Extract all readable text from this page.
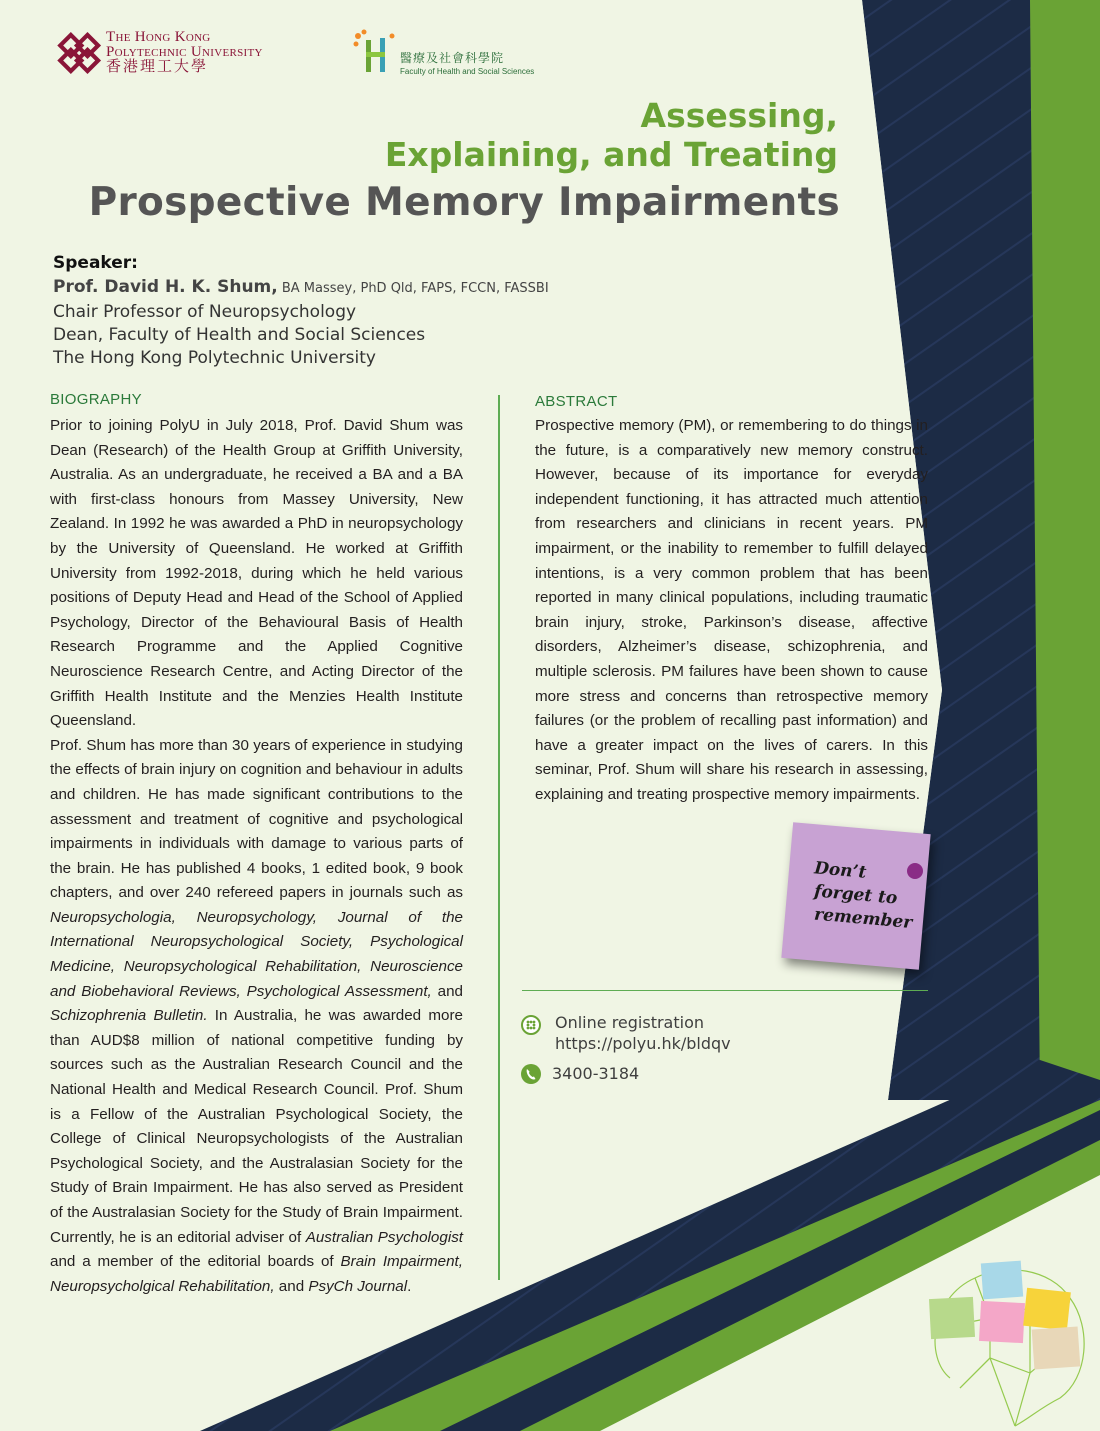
The Hong Kong
Polytechnic University
香港理工大學
醫療及社會科學院
Faculty of Health and Social Sciences
Assessing,
Explaining, and Treating
Prospective Memory Impairments
Speaker:
Prof. David H. K. Shum, BA Massey, PhD Qld, FAPS, FCCN, FASSBI
Chair Professor of Neuropsychology
Dean, Faculty of Health and Social Sciences
The Hong Kong Polytechnic University
BIOGRAPHY

Prior to joining PolyU in July 2018, Prof. David Shum was Dean (Research) of the Health Group at Griffith University, Australia. As an undergraduate, he received a BA and a BA with first-class honours from Massey University, New Zealand. In 1992 he was awarded a PhD in neuropsychology by the University of Queensland. He worked at Griffith University from 1992-2018, during which he held various positions of Deputy Head and Head of the School of Applied Psychology, Director of the Behavioural Basis of Health Research Programme and the Applied Cognitive Neuroscience Research Centre, and Acting Director of the Griffith Health Institute and the Menzies Health Institute Queensland.

Prof. Shum has more than 30 years of experience in studying the effects of brain injury on cognition and behaviour in adults and children. He has made significant contributions to the assessment and treatment of cognitive and psychological impairments in individuals with damage to various parts of the brain. He has published 4 books, 1 edited book, 9 book chapters, and over 240 refereed papers in journals such as Neuropsychologia, Neuropsychology, Journal of the International Neuropsychological Society, Psychological Medicine, Neuropsychological Rehabilitation, Neuroscience and Biobehavioral Reviews, Psychological Assessment, and Schizophrenia Bulletin. In Australia, he was awarded more than AUD$8 million of national competitive funding by sources such as the Australian Research Council and the National Health and Medical Research Council. Prof. Shum is a Fellow of the Australian Psychological Society, the College of Clinical Neuropsychologists of the Australian Psychological Society, and the Australasian Society for the Study of Brain Impairment. He has also served as President of the Australasian Society for the Study of Brain Impairment. Currently, he is an editorial adviser of Australian Psychologist and a member of the editorial boards of Brain Impairment, Neuropsycholgical Rehabilitation, and PsyCh Journal.

ABSTRACT

Prospective memory (PM), or remembering to do things in the future, is a comparatively new memory construct. However, because of its importance for everyday independent functioning, it has attracted much attention from researchers and clinicians in recent years. PM impairment, or the inability to remember to fulfill delayed intentions, is a very common problem that has been reported in many clinical populations, including traumatic brain injury, stroke, Parkinson’s disease, affective disorders, Alzheimer’s disease, schizophrenia, and multiple sclerosis. PM failures have been shown to cause more stress and concerns than retrospective memory failures (or the problem of recalling past information) and have a greater impact on the lives of carers. In this seminar, Prof. Shum will share his research in assessing, explaining and treating prospective memory impairments.

Don’t
forget to
remember
Online registration
https://polyu.hk/bldqv
3400-3184
